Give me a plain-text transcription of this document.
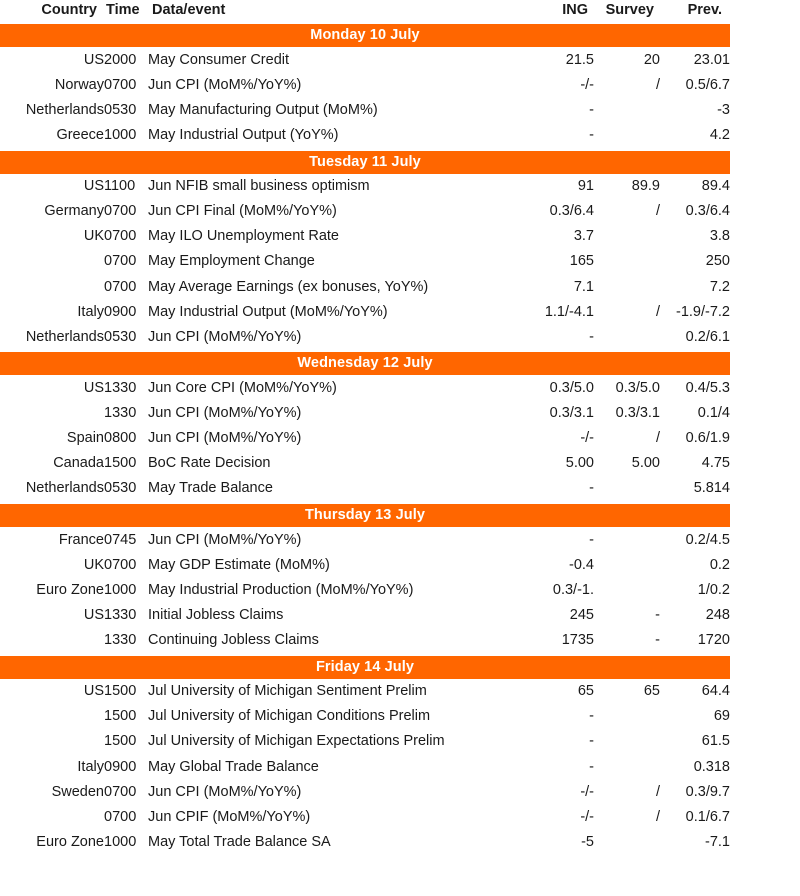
Country	Time	Data/event	ING	Survey	Prev.
Monday 10 July					
US	2000	May Consumer Credit	21.5	20	23.01
Norway	0700	Jun CPI (MoM%/YoY%)	-/-	/	0.5/6.7
Netherlands	0530	May Manufacturing Output (MoM%)	-		-3
Greece	1000	May Industrial Output (YoY%)	-		4.2

Tuesday 11 July					
US	1100	Jun NFIB small business optimism	91	89.9	89.4
Germany	0700	Jun CPI Final (MoM%/YoY%)	0.3/6.4	/	0.3/6.4
UK	0700	May ILO Unemployment Rate	3.7		3.8
	0700	May Employment Change	165		250
	0700	May Average Earnings (ex bonuses, YoY%)	7.1		7.2
Italy	0900	May Industrial Output (MoM%/YoY%)	1.1/-4.1	/	-1.9/-7.2
Netherlands	0530	Jun CPI (MoM%/YoY%)	-		0.2/6.1

Wednesday 12 July					
US	1330	Jun Core CPI (MoM%/YoY%)	0.3/5.0	0.3/5.0	0.4/5.3
	1330	Jun CPI (MoM%/YoY%)	0.3/3.1	0.3/3.1	0.1/4
Spain	0800	Jun CPI (MoM%/YoY%)	-/-	/	0.6/1.9
Canada	1500	BoC Rate Decision	5.00	5.00	4.75
Netherlands	0530	May Trade Balance	-		5.814

Thursday 13 July					
France	0745	Jun CPI (MoM%/YoY%)	-		0.2/4.5
UK	0700	May GDP Estimate (MoM%)	-0.4		0.2
Euro Zone	1000	May Industrial Production (MoM%/YoY%)	0.3/-1.		1/0.2
US	1330	Initial Jobless Claims	245	-	248
	1330	Continuing Jobless Claims	1735	-	1720

Friday 14 July					
US	1500	Jul University of Michigan Sentiment Prelim	65	65	64.4
	1500	Jul University of Michigan Conditions Prelim	-		69
	1500	Jul University of Michigan Expectations Prelim	-		61.5
Italy	0900	May Global Trade Balance	-		0.318
Sweden	0700	Jun CPI (MoM%/YoY%)	-/-	/	0.3/9.7
	0700	Jun CPIF (MoM%/YoY%)	-/-	/	0.1/6.7
Euro Zone	1000	May Total Trade Balance SA	-5		-7.1
